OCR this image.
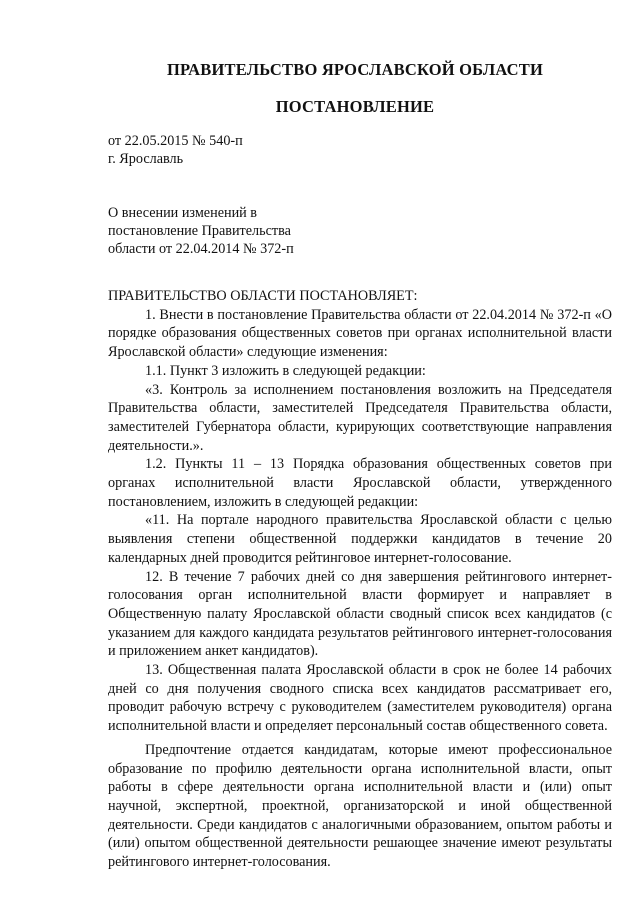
ПРАВИТЕЛЬСТВО ЯРОСЛАВСКОЙ ОБЛАСТИ
ПОСТАНОВЛЕНИЕ
от 22.05.2015 № 540-п
г. Ярославль
О внесении изменений в
постановление Правительства
области от 22.04.2014 № 372-п

ПРАВИТЕЛЬСТВО ОБЛАСТИ ПОСТАНОВЛЯЕТ:

1. Внести в постановление Правительства области от 22.04.2014 № 372-п «О порядке образования общественных советов при органах исполнительной власти Ярославской области» следующие изменения:

1.1. Пункт 3 изложить в следующей редакции:

«3. Контроль за исполнением постановления возложить на Председателя Правительства области, заместителей Председателя Правительства области, заместителей Губернатора области, курирующих соответствующие направления деятельности.».

1.2. Пункты 11 – 13 Порядка образования общественных советов при органах исполнительной власти Ярославской области, утвержденного постановлением, изложить в следующей редакции:

«11. На портале народного правительства Ярославской области с целью выявления степени общественной поддержки кандидатов в течение 20 календарных дней проводится рейтинговое интернет-голосование.

12. В течение 7 рабочих дней со дня завершения рейтингового интернет-голосования орган исполнительной власти формирует и направляет в Общественную палату Ярославской области сводный список всех кандидатов (с указанием для каждого кандидата результатов рейтингового интернет-голосования и приложением анкет кандидатов).

13. Общественная палата Ярославской области в срок не более 14 рабочих дней со дня получения сводного списка всех кандидатов рассматривает его, проводит рабочую встречу с руководителем (заместителем руководителя) органа исполнительной власти и определяет персональный состав общественного совета.

Предпочтение отдается кандидатам, которые имеют профессиональное образование по профилю деятельности органа исполнительной власти, опыт работы в сфере деятельности органа исполнительной власти и (или) опыт научной, экспертной, проектной, организаторской и иной общественной деятельности. Среди кандидатов с аналогичными образованием, опытом работы и (или) опытом общественной деятельности решающее значение имеют результаты рейтингового интернет-голосования.
